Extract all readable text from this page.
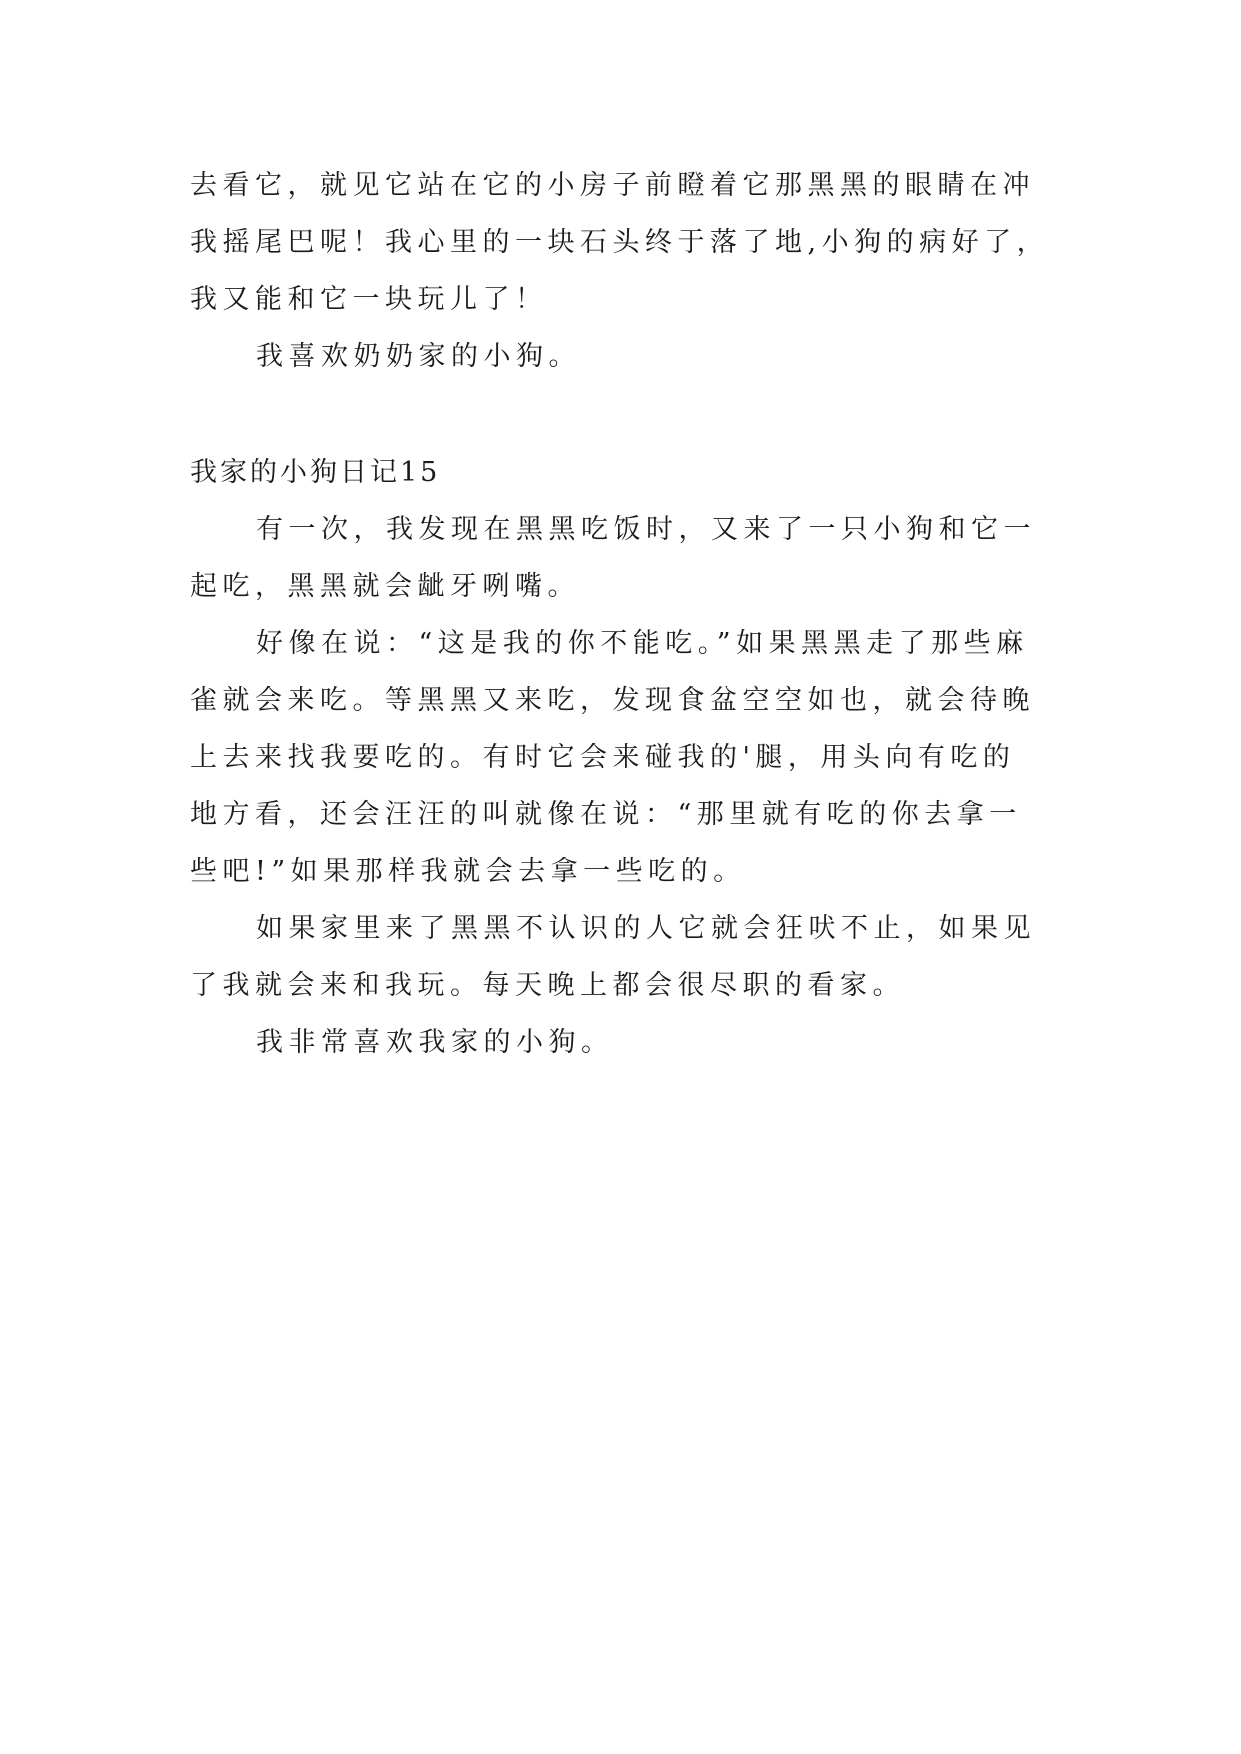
去看它，就见它站在它的小房子前瞪着它那黑黑的眼睛在冲

我摇尾巴呢！我心里的一块石头终于落了地,小狗的病好了，

我又能和它一块玩儿了！

我喜欢奶奶家的小狗。

我家的小狗日记15

有一次，我发现在黑黑吃饭时，又来了一只小狗和它一

起吃，黑黑就会龇牙咧嘴。

好像在说：“这是我的你不能吃。”如果黑黑走了那些麻

雀就会来吃。等黑黑又来吃，发现食盆空空如也，就会待晚

上去来找我要吃的。有时它会来碰我的'腿，用头向有吃的

地方看，还会汪汪的叫就像在说：“那里就有吃的你去拿一

些吧!”如果那样我就会去拿一些吃的。

如果家里来了黑黑不认识的人它就会狂吠不止，如果见

了我就会来和我玩。每天晚上都会很尽职的看家。

我非常喜欢我家的小狗。
